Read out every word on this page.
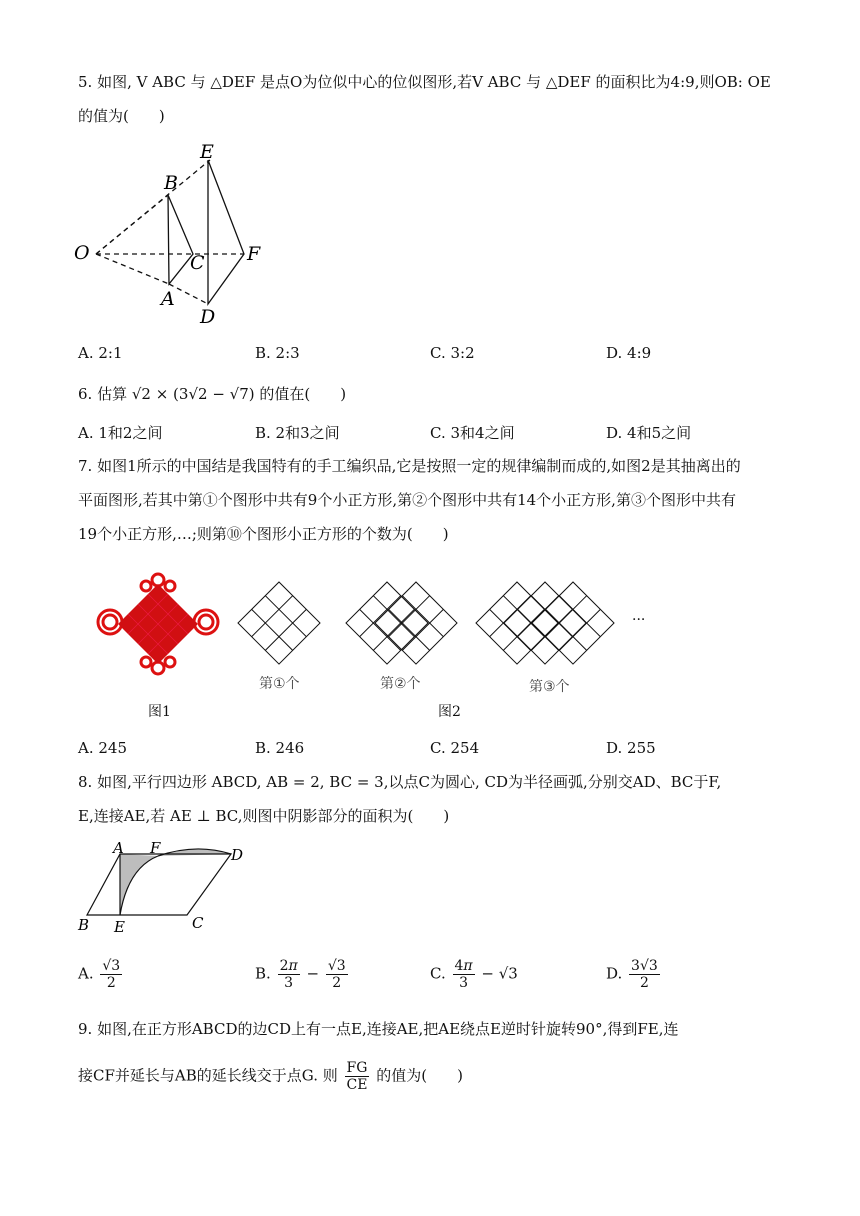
5. 如图, V ABC 与 △DEF 是点O为位似中心的位似图形,若V ABC 与 △DEF 的面积比为4:9,则OB: OE
的值为(　　)
O
B
E
C F
A
D
A. 2:1	B. 2:3	C. 3:2	D. 4:9
6. 估算 √2 × (3√2 − √7) 的值在(　　)
A. 1和2之间	B. 2和3之间	C. 3和4之间	D. 4和5之间
7. 如图1所示的中国结是我国特有的手工编织品,它是按照一定的规律编制而成的,如图2是其抽离出的
平面图形,若其中第①个图形中共有9个小正方形,第②个图形中共有14个小正方形,第③个图形中共有
19个小正方形,…;则第⑩个图形小正方形的个数为(　　)
···
第①个	第②个	第③个
图1	图2
A. 245	B. 246	C. 254	D. 255
8. 如图,平行四边形 ABCD, AB = 2, BC = 3,以点C为圆心, CD为半径画弧,分别交AD、BC于F,
E,连接AE,若 AE ⊥ BC,则图中阴影部分的面积为(　　)
A F	D
B E	C
A. $\frac{√3}{2}$	B. $\frac{2\pi}{3} - \frac{√3}{2}$	C. $\frac{4\pi}{3} - √3$	D. $\frac{3√3}{2}$
9. 如图,在正方形ABCD的边CD上有一点E,连接AE,把AE绕点E逆时针旋转90°,得到FE,连
接CF并延长与AB的延长线交于点G. 则 $\frac{FG}{CE}$ 的值为(　　)
